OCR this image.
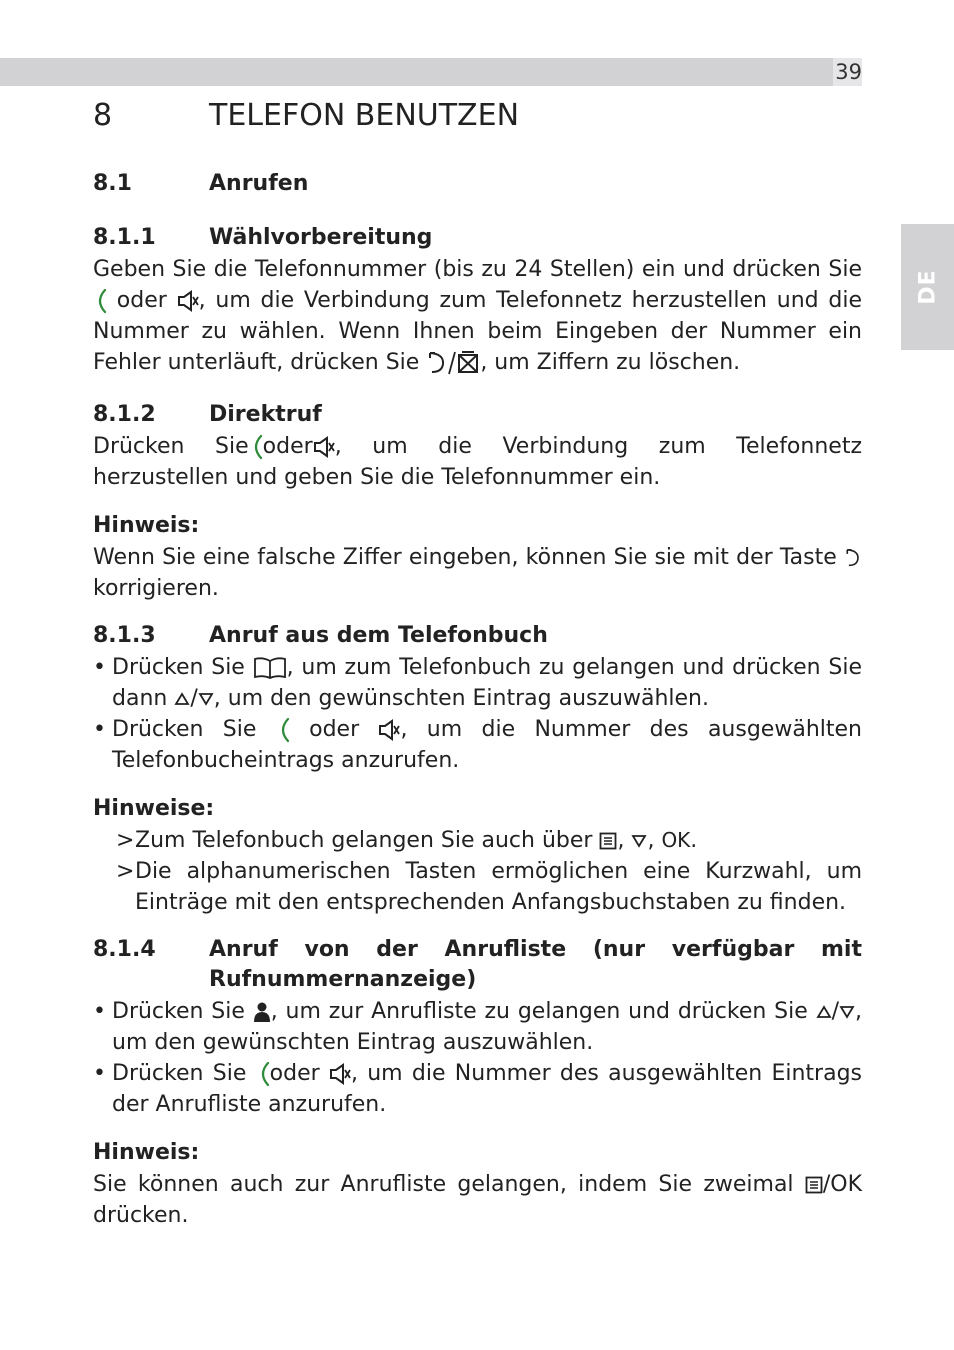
39
DE
8	TELEFON BENUTZEN
8.1	Anrufen
8.1.1 Wählvorbereitung
Geben Sie die Telefonnummer (bis zu 24 Stellen) ein und drücken Sie
oder , um die Verbindung zum Telefonnetz herzustellen und die Nummer zu wählen. Wenn Ihnen beim Eingeben der Nummer ein Fehler unterläuft, drücken Sie	, um Ziffern zu löschen.
8.1.2 Direktruf
Drücken Sie oder , um die Verbindung zum Telefonnetz herzustellen und geben Sie die Telefonnummer ein.
Hinweis:
Wenn Sie eine falsche Ziffer eingeben, können Sie sie mit der Taste
korrigieren.
8.1.3 Anruf aus dem Telefonbuch
• Drücken Sie , um zum Telefonbuch zu gelangen und drücken Sie dann / , um den gewünschten Eintrag auszuwählen.
• Drücken Sie oder , um die Nummer des ausgewählten Telefonbucheintrags anzurufen.
Hinweise:
> Zum Telefonbuch gelangen Sie auch über ,
, OK.
> Die alphanumerischen Tasten ermöglichen eine Kurzwahl, um Einträge mit den entsprechenden Anfangsbuchstaben zu finden.
8.1.4	Anruf von der Anrufliste (nur verfügbar mit Rufnummernanzeige)
• Drücken Sie , um zur Anrufliste zu gelangen und drücken Sie / , um den gewünschten Eintrag auszuwählen.
• Drücken Sie oder , um die Nummer des ausgewählten Eintrags der Anrufliste anzurufen.
Hinweis:
Sie können auch zur Anrufliste gelangen, indem Sie zweimal /OK drücken.
